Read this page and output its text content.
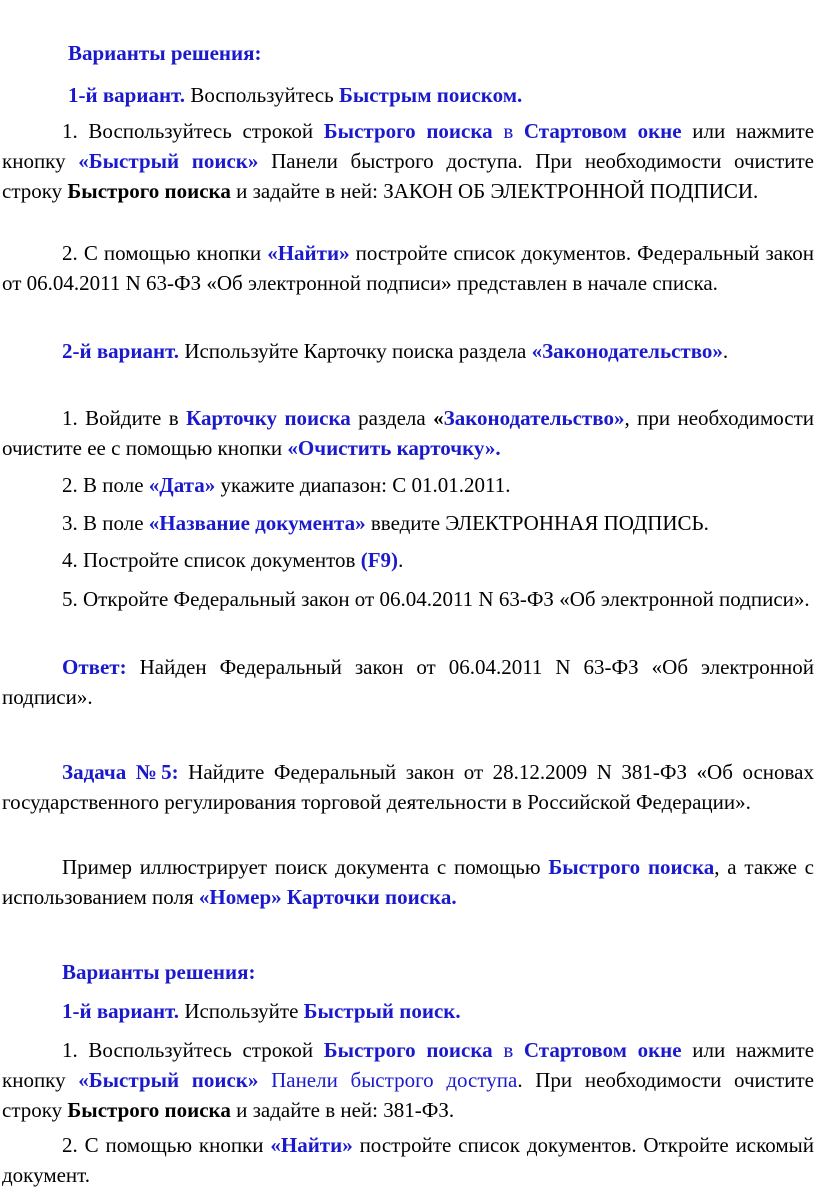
Варианты решения:

1-й вариант. Воспользуйтесь Быстрым поиском.

1. Воспользуйтесь строкой Быстрого поиска в Стартовом окне или нажмите кнопку «Быстрый поиск» Панели быстрого доступа. При необходимости очистите строку Быстрого поиска и задайте в ней: ЗАКОН ОБ ЭЛЕКТРОННОЙ ПОДПИСИ.

2. С помощью кнопки «Найти» постройте список документов. Федеральный закон от 06.04.2011 N 63-ФЗ «Об электронной подписи» представлен в начале списка.

2-й вариант. Используйте Карточку поиска раздела «Законодательство».

1. Войдите в Карточку поиска раздела «Законодательство», при необходимости очистите ее с помощью кнопки «Очистить карточку».

2. В поле «Дата» укажите диапазон: С 01.01.2011.

3. В поле «Название документа» введите ЭЛЕКТРОННАЯ ПОДПИСЬ.

4. Постройте список документов (F9).

5. Откройте Федеральный закон от 06.04.2011 N 63-ФЗ «Об электронной подписи».

Ответ: Найден Федеральный закон от 06.04.2011 N 63-ФЗ «Об электронной подписи».

Задача №5: Найдите Федеральный закон от 28.12.2009 N 381-ФЗ «Об основах государственного регулирования торговой деятельности в Российской Федерации».

Пример иллюстрирует поиск документа с помощью Быстрого поиска, а также с использованием поля «Номер» Карточки поиска.

Варианты решения:

1-й вариант. Используйте Быстрый поиск.

1. Воспользуйтесь строкой Быстрого поиска в Стартовом окне или нажмите кнопку «Быстрый поиск» Панели быстрого доступа. При необходимости очистите строку Быстрого поиска и задайте в ней: 381-ФЗ.

2. С помощью кнопки «Найти» постройте список документов. Откройте искомый документ.
